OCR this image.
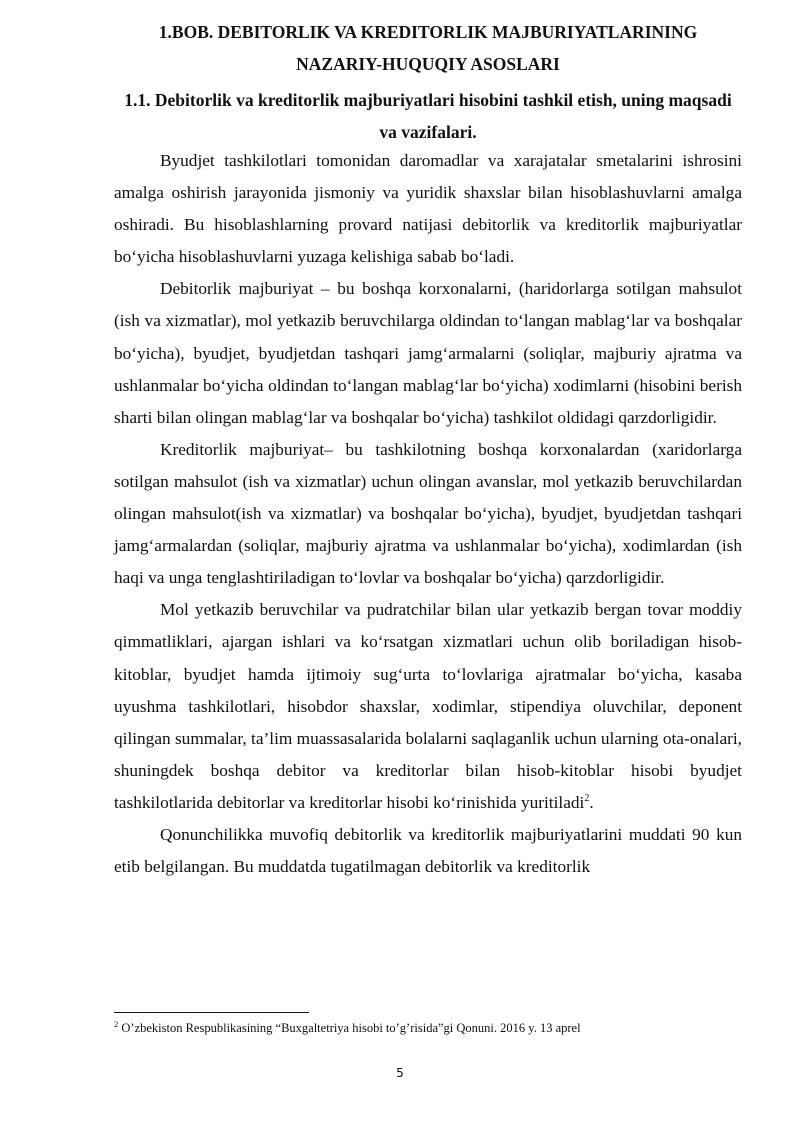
1.BOB. DEBITORLIK VA KREDITORLIK MAJBURIYATLARINING NAZARIY-HUQUQIY ASOSLARI
1.1. Debitorlik va kreditorlik majburiyatlari hisobini tashkil etish, uning maqsadi va vazifalari.

Byudjet tashkilotlari tomonidan daromadlar va xarajatalar smetalarini ishrosini amalga oshirish jarayonida jismoniy va yuridik shaxslar bilan hisoblashuvlarni amalga oshiradi. Bu hisoblashlarning provard natijasi debitorlik va kreditorlik majburiyatlar bo‘yicha hisoblashuvlarni yuzaga kelishiga sabab bo‘ladi.

Debitorlik majburiyat – bu boshqa korxonalarni, (haridorlarga sotilgan mahsulot (ish va xizmatlar), mol yetkazib beruvchilarga oldindan to‘langan mablag‘lar va boshqalar bo‘yicha), byudjet, byudjetdan tashqari jamg‘armalarni (soliqlar, majburiy ajratma va ushlanmalar bo‘yicha oldindan to‘langan mablag‘lar bo‘yicha) xodimlarni (hisobini berish sharti bilan olingan mablag‘lar va boshqalar bo‘yicha) tashkilot oldidagi qarzdorligidir.

Kreditorlik majburiyat– bu tashkilotning boshqa korxonalardan (xaridorlarga sotilgan mahsulot (ish va xizmatlar) uchun olingan avanslar, mol yetkazib beruvchilardan olingan mahsulot(ish va xizmatlar) va boshqalar bo‘yicha), byudjet, byudjetdan tashqari jamg‘armalardan (soliqlar, majburiy ajratma va ushlanmalar bo‘yicha), xodimlardan (ish haqi va unga tenglashtiriladigan to‘lovlar va boshqalar bo‘yicha) qarzdorligidir.

Mol yetkazib beruvchilar va pudratchilar bilan ular yetkazib bergan tovar moddiy qimmatliklari, ajargan ishlari va ko‘rsatgan xizmatlari uchun olib boriladigan hisob-kitoblar, byudjet hamda ijtimoiy sug‘urta to‘lovlariga ajratmalar bo‘yicha, kasaba uyushma tashkilotlari, hisobdor shaxslar, xodimlar, stipendiya oluvchilar, deponent qilingan summalar, ta’lim muassasalarida bolalarni saqlaganlik uchun ularning ota-onalari, shuningdek boshqa debitor va kreditorlar bilan hisob-kitoblar hisobi byudjet tashkilotlarida debitorlar va kreditorlar hisobi ko‘rinishida yuritiladi$^2$.

Qonunchilikka muvofiq debitorlik va kreditorlik majburiyatlarini muddati 90 kun etib belgilangan. Bu muddatda tugatilmagan debitorlik va kreditorlik

$^2$ O’zbekiston Respublikasining “Buxgaltetriya hisobi to’g’risida”gi Qonuni. 2016 y. 13 aprel

5
